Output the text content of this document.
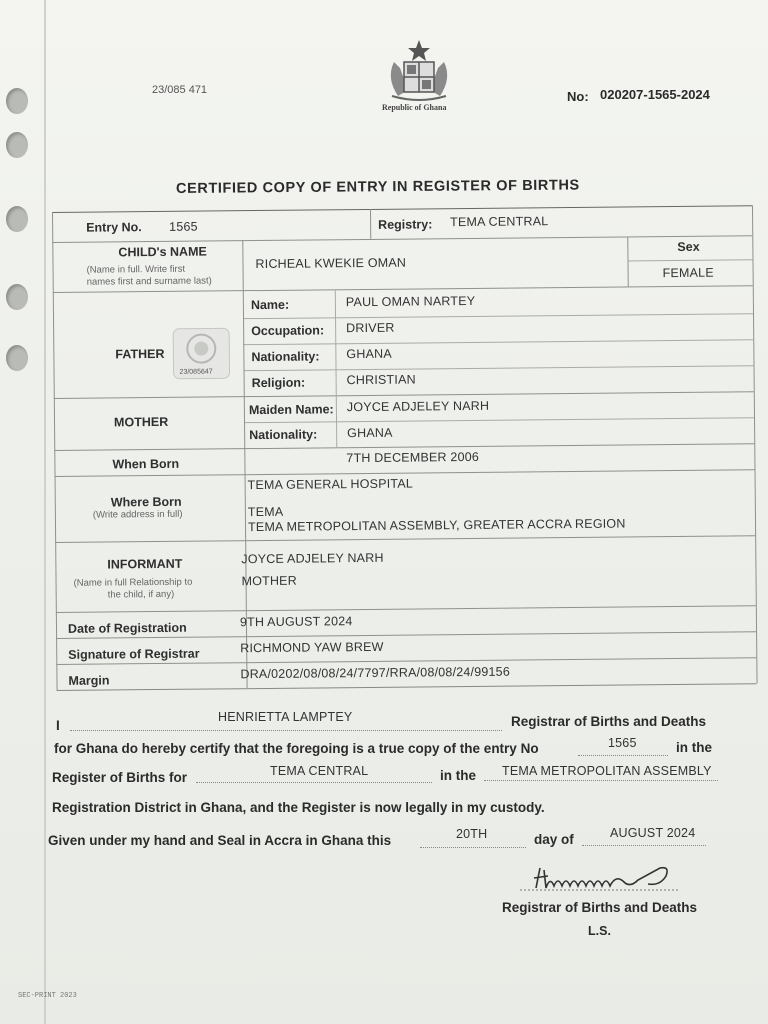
Republic of Ghana
23/085 471	No: 020207-1565-2024
CERTIFIED COPY OF ENTRY IN REGISTER OF BIRTHS
Entry No. 1565	Registry: TEMA CENTRAL
CHILD's NAME
(Name in full. Write first
names first and surname last)
RICHEAL KWEKIE OMAN
Sex
FEMALE
FATHER
23/085647
Name:	PAUL OMAN NARTEY
Occupation: DRIVER
Nationality: GHANA
Religion:	CHRISTIAN
MOTHER
Maiden Name: JOYCE ADJELEY NARH
Nationality: GHANA
When Born	7TH DECEMBER 2006
Where Born
(Write address in full)
TEMA GENERAL HOSPITAL
TEMA
TEMA METROPOLITAN ASSEMBLY, GREATER ACCRA REGION
INFORMANT
(Name in full Relationship to
the child, if any)
JOYCE ADJELEY NARH
MOTHER
Date of Registration	9TH AUGUST 2024
Signature of Registrar	RICHMOND YAW BREW
Margin	DRA/0202/08/08/24/7797/RRA/08/08/24/99156
I
HENRIETTA LAMPTEY	Registrar of Births and Deaths
for Ghana do hereby certify that the foregoing is a true copy of the entry No	1565	in the
Register of Births for	TEMA CENTRAL	in the TEMA METROPOLITAN ASSEMBLY
Registration District in Ghana, and the Register is now legally in my custody.
Given under my hand and Seal in Accra in Ghana this	20TH	day of	AUGUST 2024
Registrar of Births and Deaths
L.S.
SEC-PRINT 2023
